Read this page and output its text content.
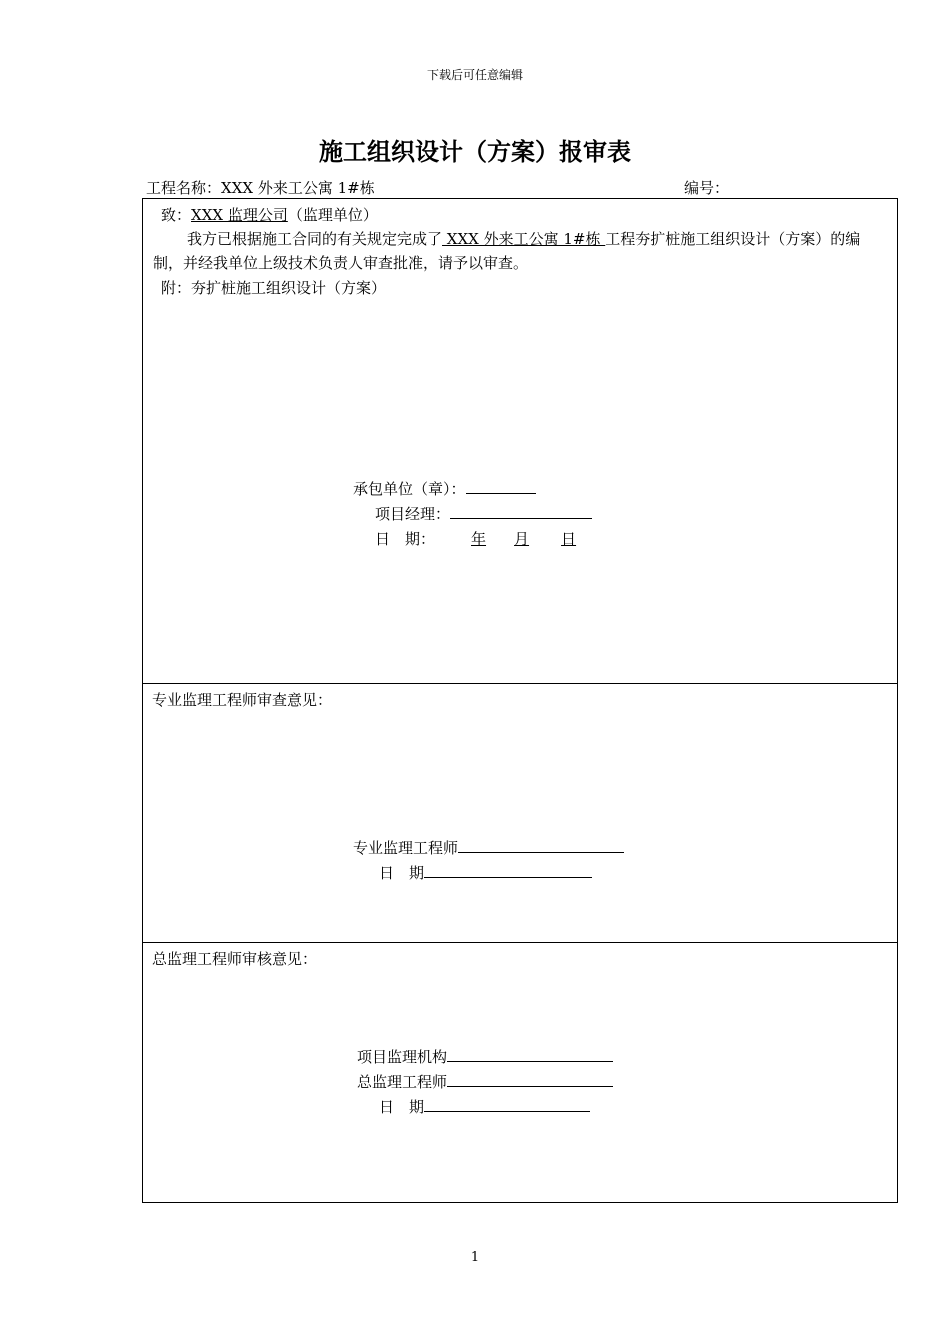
下载后可任意编辑
施工组织设计（方案）报审表
工程名称：XXX 外来工公寓 1#栋	编号：
致：XXX 监理公司（监理单位）
我方已根据施工合同的有关规定完成了 XXX 外来工公寓 1#栋 工程夯扩桩施工组织设计（方案）的编制，并经我单位上级技术负责人审查批准，请予以审查。
附：夯扩桩施工组织设计（方案）
承包单位（章）：
项目经理：
日　期： 年 月 日
专业监理工程师审查意见：
专业监理工程师
日　期
总监理工程师审核意见：
项目监理机构
总监理工程师
日　期
1
